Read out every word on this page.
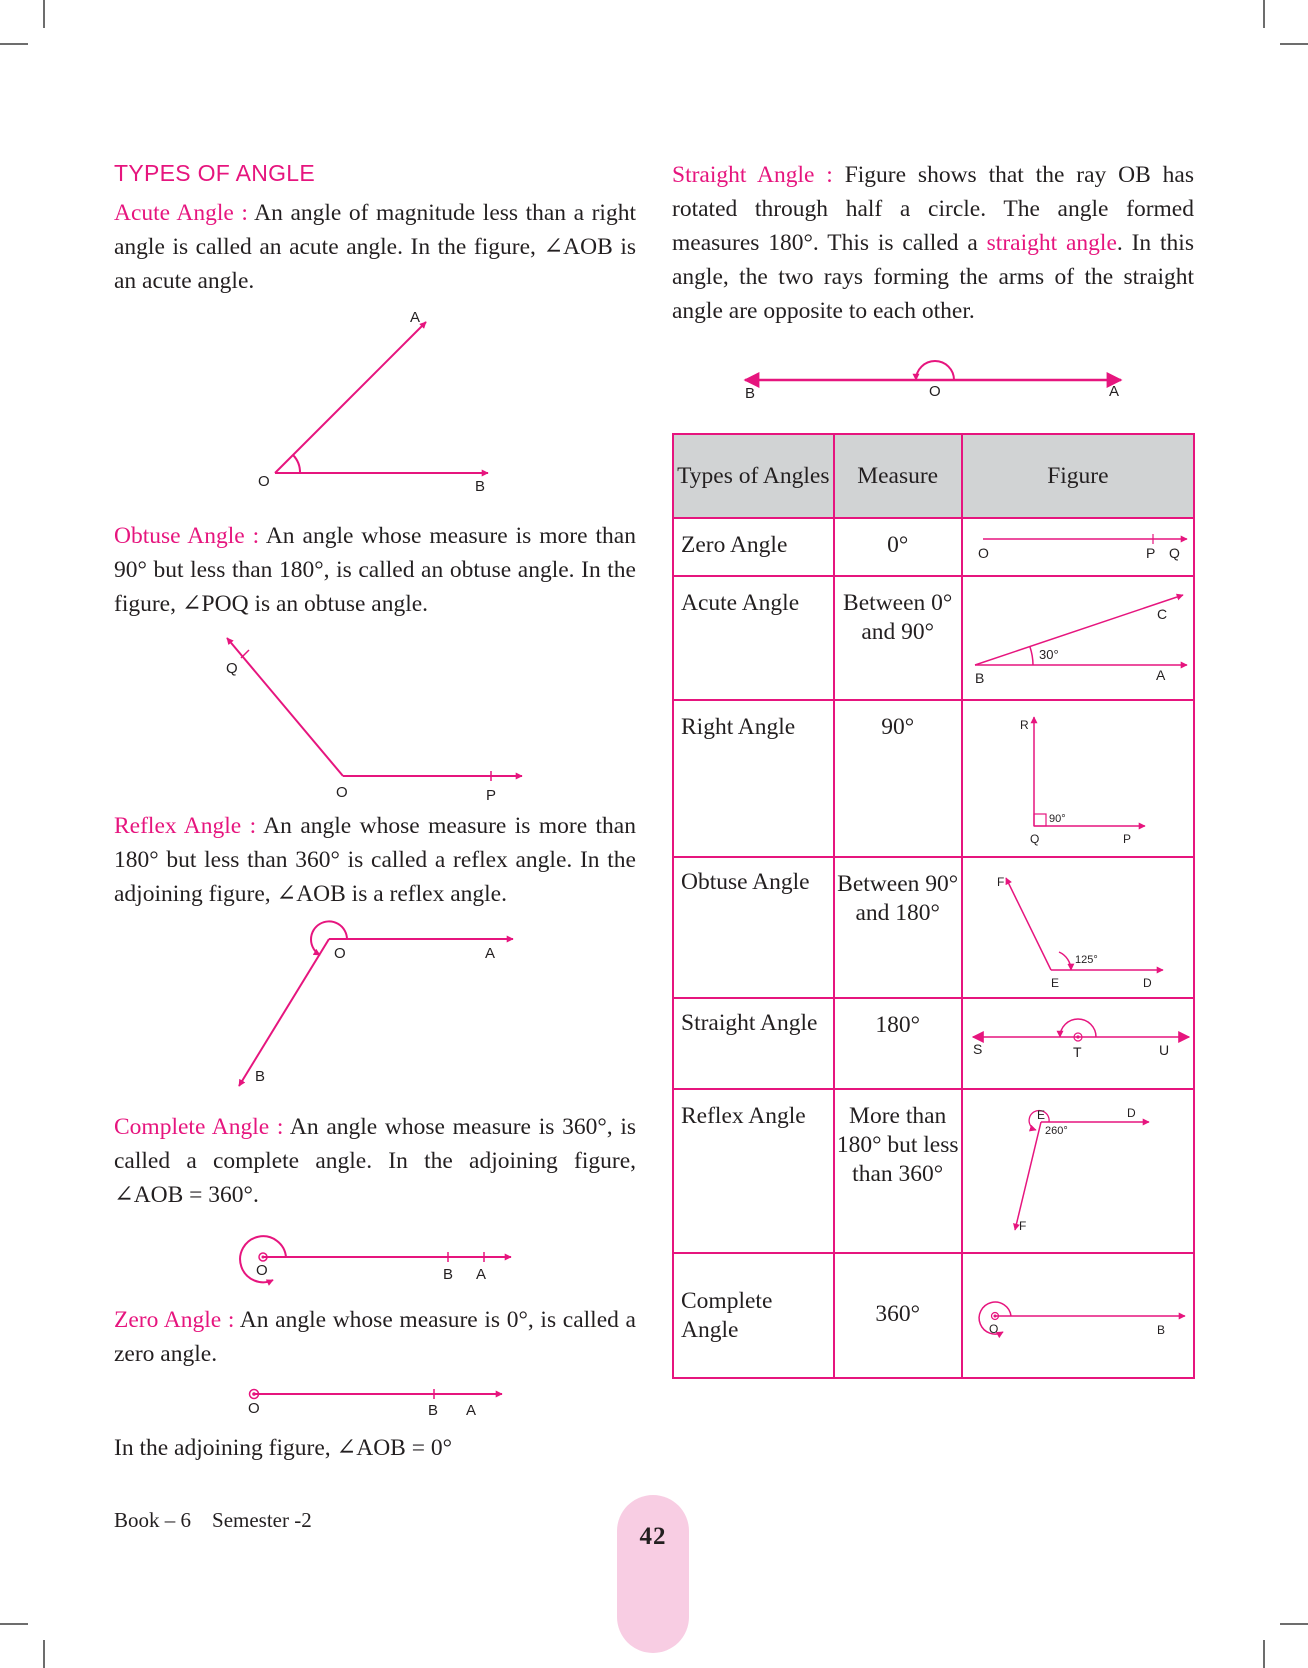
TYPES OF ANGLE

Acute Angle : An angle of magnitude less than a right angle is called an acute angle. In the figure, ∠AOB is an acute angle.

A
O	B

Obtuse Angle : An angle whose measure is more than 90° but less than 180°, is called an obtuse angle. In the figure, ∠POQ is an obtuse angle.

Q
O	P

Reflex Angle : An angle whose measure is more than 180° but less than 360° is called a reflex angle. In the adjoining figure, ∠AOB is a reflex angle.

O	A
B

Complete Angle : An angle whose measure is 360°, is called a complete angle. In the adjoining figure, ∠AOB = 360°.

O	B A

Zero Angle : An angle whose measure is 0°, is called a zero angle.

O	B A

In the adjoining figure, ∠AOB = 0°

Straight Angle : Figure shows that the ray OB has rotated through half a circle. The angle formed measures 180°. This is called a straight angle. In this angle, the two rays forming the arms of the straight angle are opposite to each other.

B	O	A
Types of Angles	Measure	Figure

Zero Angle	0°	O P Q

Acute Angle	Between 0° and 90°	C
30°
B A

Right Angle	90°	R
90°
Q P

Obtuse Angle	Between 90° and 180°	F
125°
E D

Straight Angle	180°	S T U

Reflex Angle	More than 180° but less than 360°	E D
260°
F

Complete Angle	360°	O B
Book – 6 Semester -2
42
